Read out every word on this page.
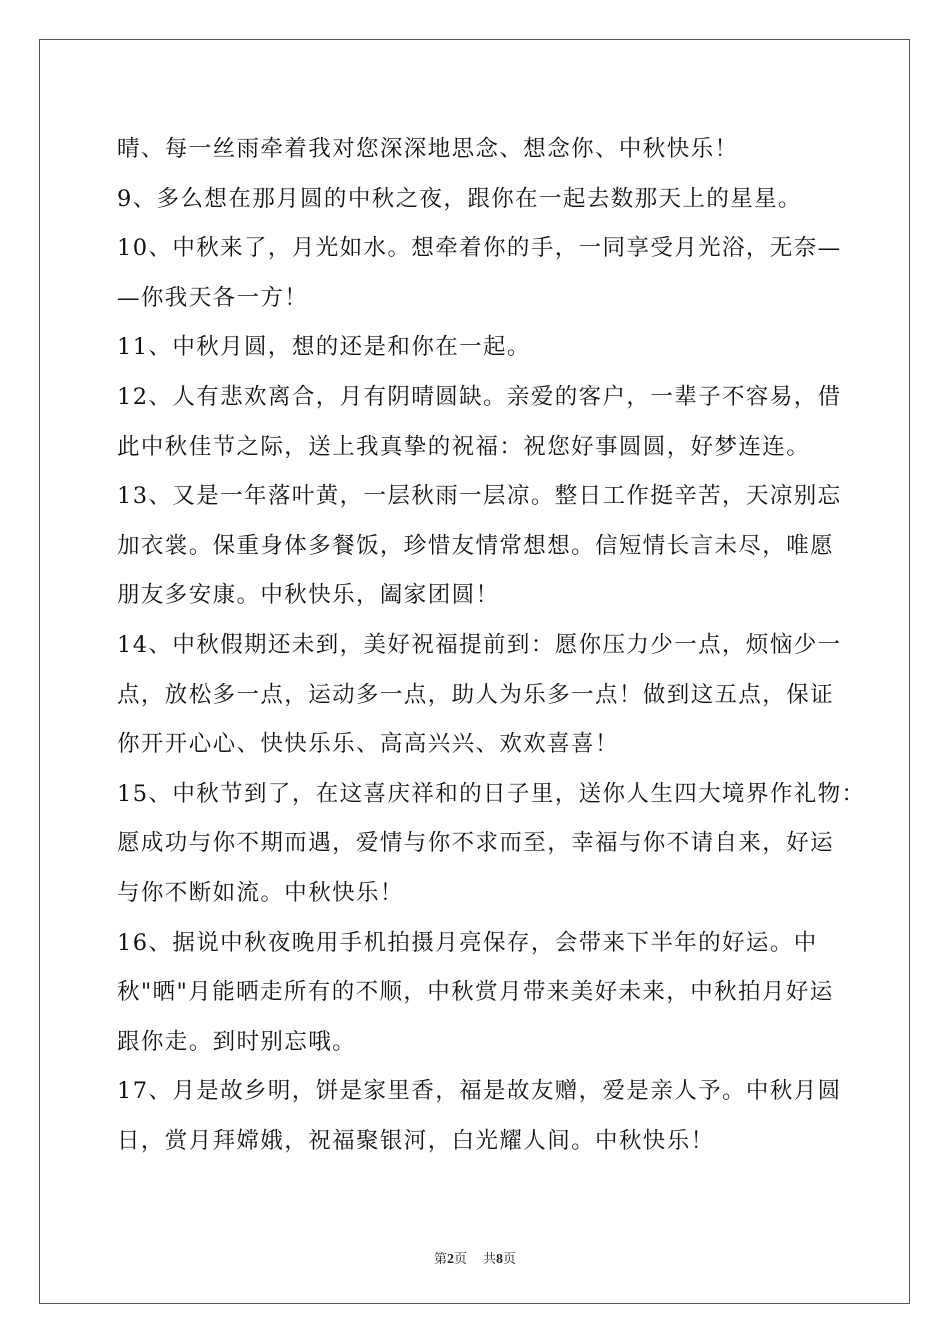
晴、每一丝雨牵着我对您深深地思念、想念你、中秋快乐！
9、多么想在那月圆的中秋之夜，跟你在一起去数那天上的星星。
10、中秋来了，月光如水。想牵着你的手，一同享受月光浴，无奈—
—你我天各一方！
11、中秋月圆，想的还是和你在一起。
12、人有悲欢离合，月有阴晴圆缺。亲爱的客户，一辈子不容易，借
此中秋佳节之际，送上我真挚的祝福：祝您好事圆圆，好梦连连。
13、又是一年落叶黄，一层秋雨一层凉。整日工作挺辛苦，天凉别忘
加衣裳。保重身体多餐饭，珍惜友情常想想。信短情长言未尽，唯愿
朋友多安康。中秋快乐，阖家团圆！
14、中秋假期还未到，美好祝福提前到：愿你压力少一点，烦恼少一
点，放松多一点，运动多一点，助人为乐多一点！做到这五点，保证
你开开心心、快快乐乐、高高兴兴、欢欢喜喜！
15、中秋节到了，在这喜庆祥和的日子里，送你人生四大境界作礼物：
愿成功与你不期而遇，爱情与你不求而至，幸福与你不请自来，好运
与你不断如流。中秋快乐！
16、据说中秋夜晚用手机拍摄月亮保存，会带来下半年的好运。中
秋"晒"月能晒走所有的不顺，中秋赏月带来美好未来，中秋拍月好运
跟你走。到时别忘哦。
17、月是故乡明，饼是家里香，福是故友赠，爱是亲人予。中秋月圆
日，赏月拜嫦娥，祝福聚银河，白光耀人间。中秋快乐！
第2页 共8页
